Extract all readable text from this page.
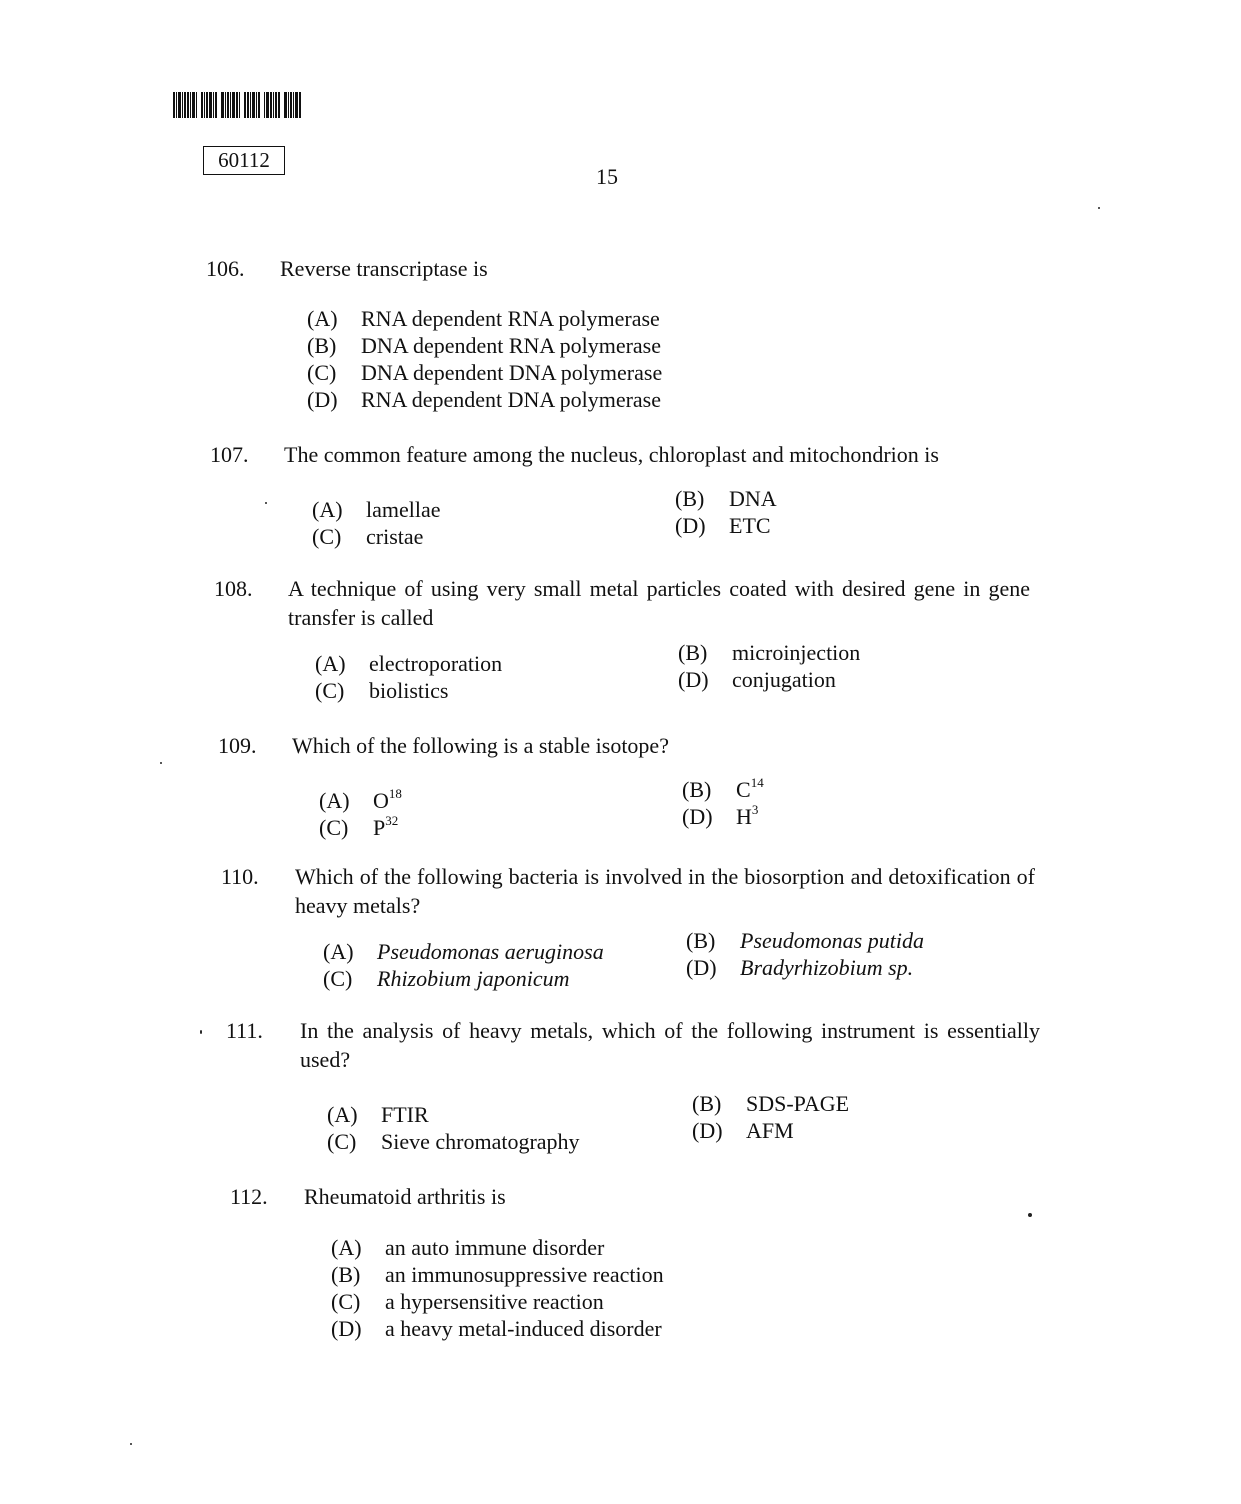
60112
15
106.	Reverse transcriptase is
(A) RNA dependent RNA polymerase
(B) DNA dependent RNA polymerase
(C) DNA dependent DNA polymerase
(D) RNA dependent DNA polymerase
107.	The common feature among the nucleus, chloroplast and mitochondrion is
(A) lamellae	(B) DNA
(C) cristae	(D) ETC
108.	A technique of using very small metal particles coated with desired gene in gene transfer is called
(A) electroporation	(B) microinjection
(C) biolistics	(D) conjugation
109.	Which of the following is a stable isotope?
(A) $O^{18}$	(B) $C^{14}$
(C) $P^{32}$	(D) $H^3$
110.	Which of the following bacteria is involved in the biosorption and detoxification of heavy metals?
(A) Pseudomonas aeruginosa	(B) Pseudomonas putida
(C) Rhizobium japonicum	(D) Bradyrhizobium sp.
111.	In the analysis of heavy metals, which of the following instrument is essentially used?
(A) FTIR	(B) SDS-PAGE
(C) Sieve chromatography	(D) AFM
112.	Rheumatoid arthritis is
(A) an auto immune disorder
(B) an immunosuppressive reaction
(C) a hypersensitive reaction
(D) a heavy metal-induced disorder
